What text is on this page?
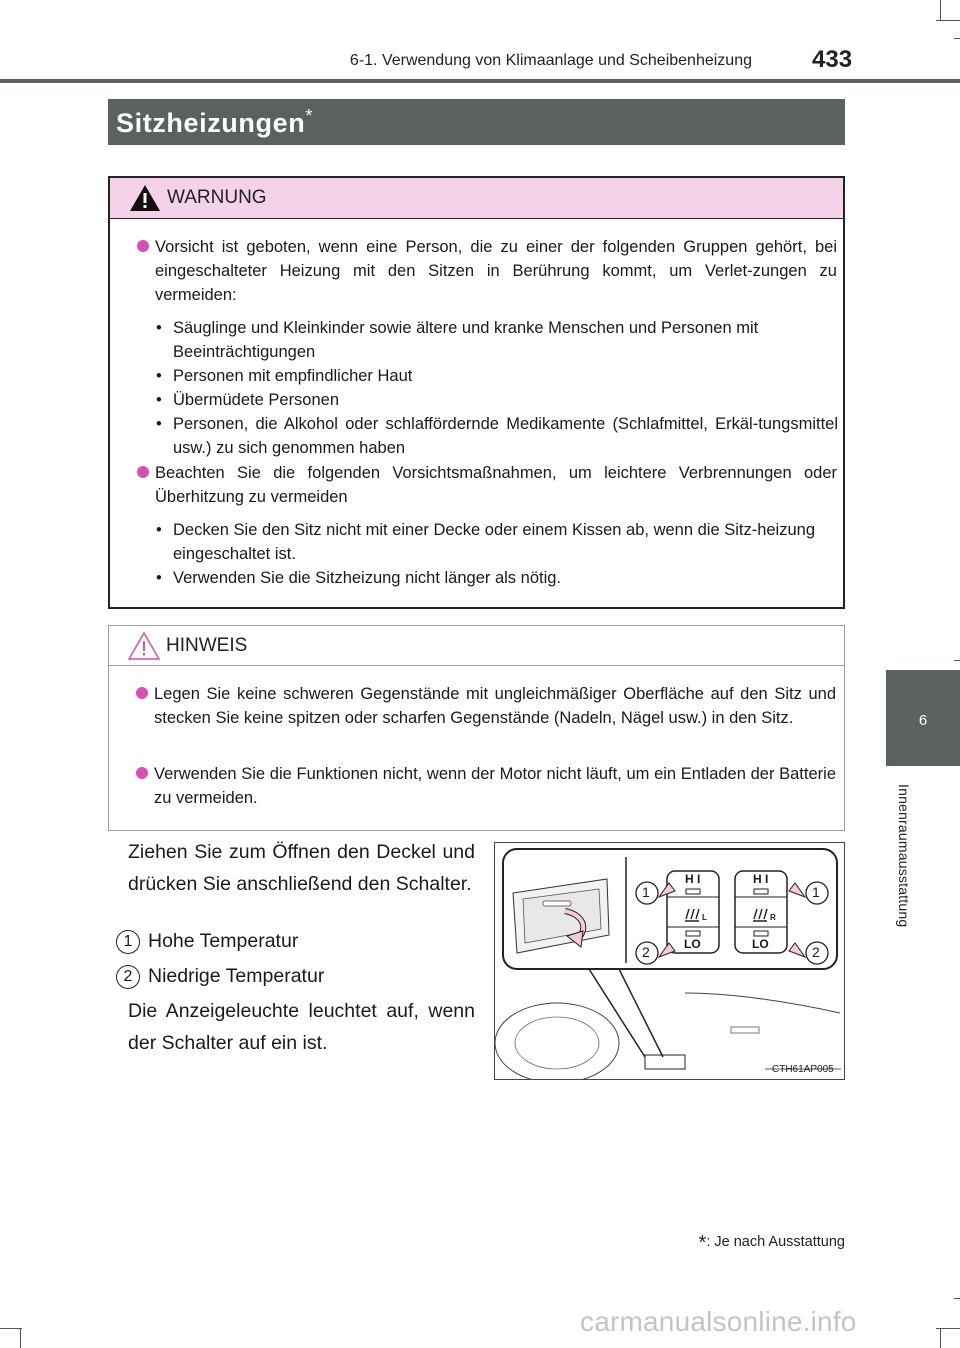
6-1. Verwendung von Klimaanlage und Scheibenheizung	433
Sitzheizungen*
6
Innenraumausstattung
WARNUNG
Vorsicht ist geboten, wenn eine Person, die zu einer der folgenden Gruppen gehört, bei eingeschalteter Heizung mit den Sitzen in Berührung kommt, um Verlet-zungen zu vermeiden:
• Säuglinge und Kleinkinder sowie ältere und kranke Menschen und Personen mit Beeinträchtigungen
• Personen mit empfindlicher Haut
• Übermüdete Personen
• Personen, die Alkohol oder schlaffördernde Medikamente (Schlafmittel, Erkäl-tungsmittel usw.) zu sich genommen haben
Beachten Sie die folgenden Vorsichtsmaßnahmen, um leichtere Verbrennungen oder Überhitzung zu vermeiden
• Decken Sie den Sitz nicht mit einer Decke oder einem Kissen ab, wenn die Sitz-heizung eingeschaltet ist.
• Verwenden Sie die Sitzheizung nicht länger als nötig.
HINWEIS
Legen Sie keine schweren Gegenstände mit ungleichmäßiger Oberfläche auf den Sitz und stecken Sie keine spitzen oder scharfen Gegenstände (Nadeln, Nägel usw.) in den Sitz.
Verwenden Sie die Funktionen nicht, wenn der Motor nicht läuft, um ein Entladen der Batterie zu vermeiden.
Ziehen Sie zum Öffnen den Deckel und drücken Sie anschließend den Schalter.
1 Hohe Temperatur
2 Niedrige Temperatur
Die Anzeigeleuchte leuchtet auf, wenn der Schalter auf ein ist.
H I
LO
H I
LO
L	R
1
2
1
2
CTH61AP005
*: Je nach Ausstattung
carmanualsonline.info
